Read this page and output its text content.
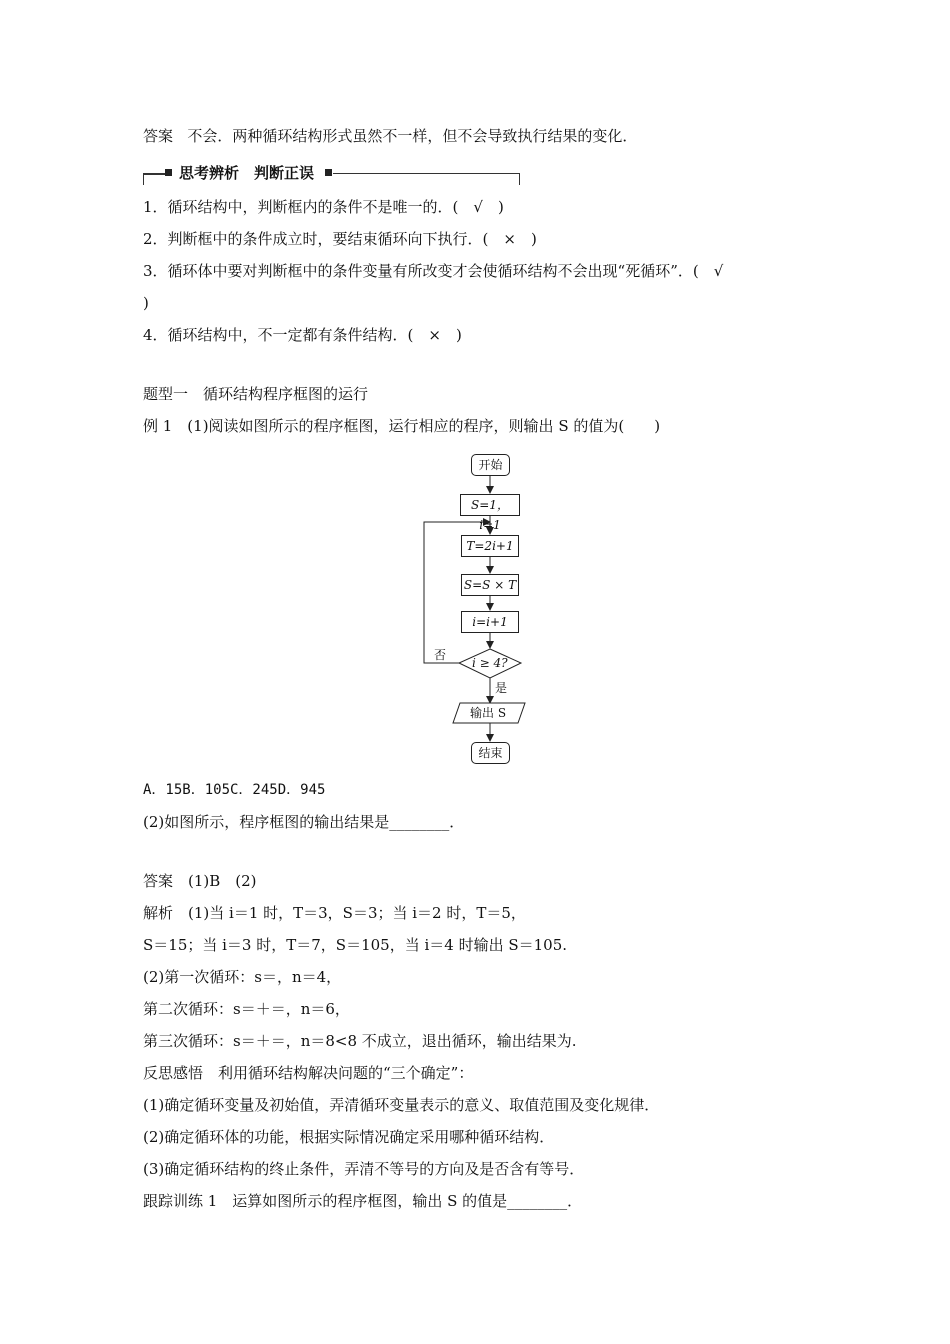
答案 不会．两种循环结构形式虽然不一样，但不会导致执行结果的变化．
思考辨析　判断正误
1．循环结构中，判断框内的条件不是唯一的．(　√　)
2．判断框中的条件成立时，要结束循环向下执行．(　×　)
3．循环体中要对判断框中的条件变量有所改变才会使循环结构不会出现“死循环”．(　√
)
4．循环结构中，不一定都有条件结构．(　×　)
题型一　循环结构程序框图的运行
例 1　(1)阅读如图所示的程序框图，运行相应的程序，则输出 S 的值为(　　)
开始
S=1，i=1
T=2i+1
S=S × T
i=i+1
i ≥ 4?
否
是
输出 S
结束
A．15B．105C．245D．945
(2)如图所示，程序框图的输出结果是________．
答案　(1)B　(2)
解析　(1)当 i＝1 时，T＝3，S＝3；当 i＝2 时，T＝5，
S＝15；当 i＝3 时，T＝7，S＝105，当 i＝4 时输出 S＝105.
(2)第一次循环：s＝，n＝4，
第二次循环：s＝＋＝，n＝6，
第三次循环：s＝＋＝，n＝8<8 不成立，退出循环，输出结果为.
反思感悟　利用循环结构解决问题的“三个确定”：
(1)确定循环变量及初始值，弄清循环变量表示的意义、取值范围及变化规律．
(2)确定循环体的功能，根据实际情况确定采用哪种循环结构．
(3)确定循环结构的终止条件，弄清不等号的方向及是否含有等号．
跟踪训练 1　运算如图所示的程序框图，输出 S 的值是________．
